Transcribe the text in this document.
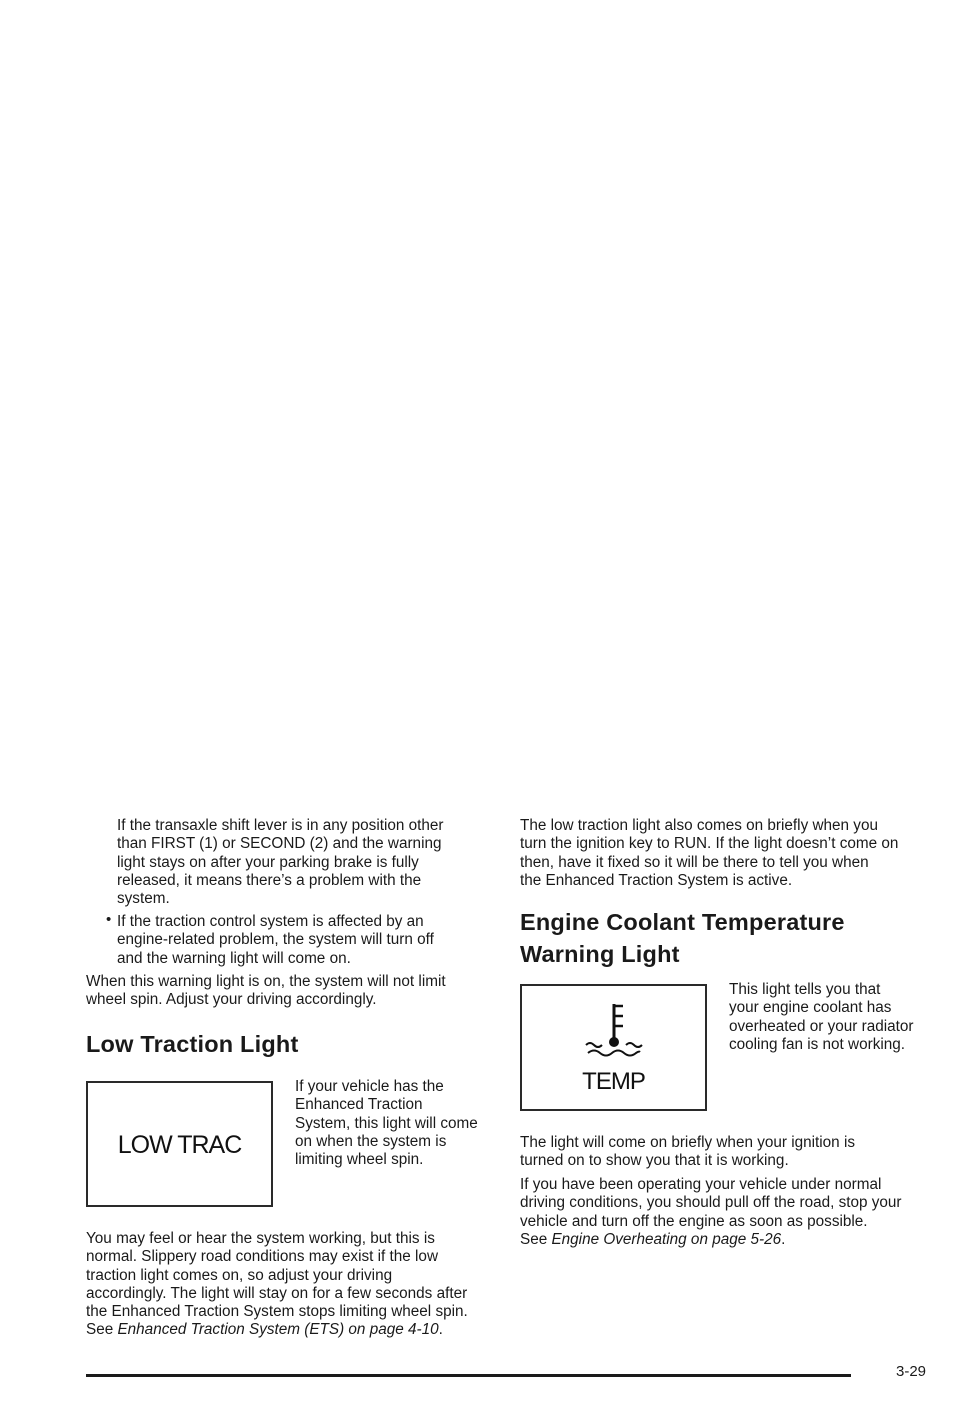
If the transaxle shift lever is in any position other
than FIRST (1) or SECOND (2) and the warning
light stays on after your parking brake is fully
released, it means there’s a problem with the
system.

• If the traction control system is affected by an
engine-related problem, the system will turn off
and the warning light will come on.

When this warning light is on, the system will not limit
wheel spin. Adjust your driving accordingly.

Low Traction Light
LOW TRAC

If your vehicle has the
Enhanced Traction
System, this light will come
on when the system is
limiting wheel spin.

You may feel or hear the system working, but this is
normal. Slippery road conditions may exist if the low
traction light comes on, so adjust your driving
accordingly. The light will stay on for a few seconds after
the Enhanced Traction System stops limiting wheel spin.
See Enhanced Traction System (ETS) on page 4-10.

The low traction light also comes on briefly when you
turn the ignition key to RUN. If the light doesn’t come on
then, have it fixed so it will be there to tell you when
the Enhanced Traction System is active.

Engine Coolant Temperature
Warning Light
TEMP

This light tells you that
your engine coolant has
overheated or your radiator
cooling fan is not working.

The light will come on briefly when your ignition is
turned on to show you that it is working.

If you have been operating your vehicle under normal
driving conditions, you should pull off the road, stop your
vehicle and turn off the engine as soon as possible.
See Engine Overheating on page 5-26.

3-29
